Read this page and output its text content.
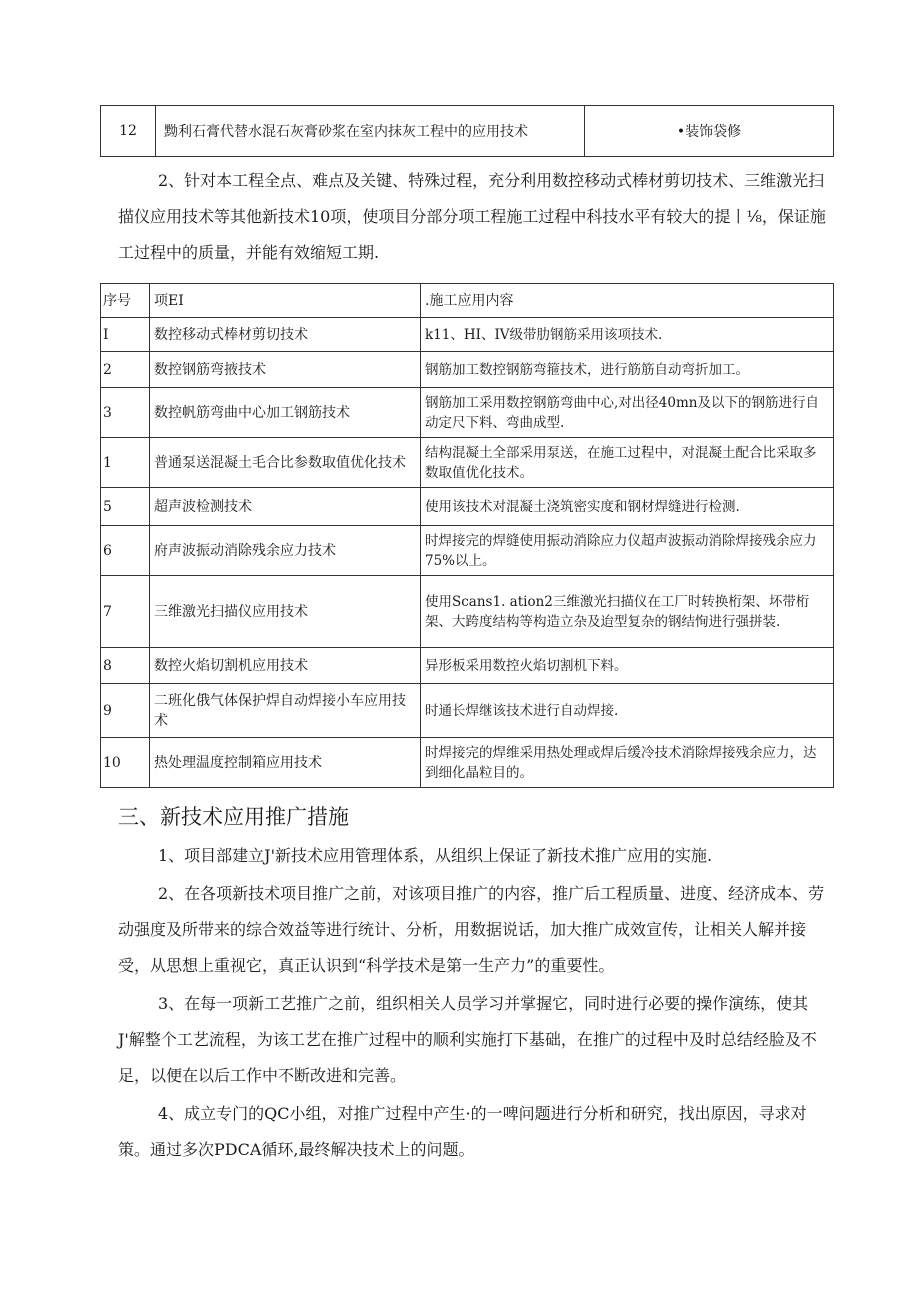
12	黝利石膏代替水混石灰膏砂浆在室内抹灰工程中的应用技术	•装饰袋修

2、针对本工程全点、难点及关键、特殊过程，充分利用数控移动式棒材剪切技术、三维激光扫描仪应用技术等其他新技术10项，使项目分部分项工程施工过程中科技水平有较大的提丨⅛，保证施工过程中的质量，并能有效缩短工期.

序号	项EI	.施工应用内容
I	数控移动式棒材剪切技术	k11、HI、IV级带肋钢筋采用该项技术.
2	数控钢筋弯掖技术	钢筋加工数控钢筋弯箍技术，进行筋筋自动弯折加工。
3	数控帆筋弯曲中心加工钢筋技术	钢筋加工采用数控钢筋弯曲中心,对出径40mn及以下的钢筋进行自动定尺下料、弯曲成型.
1	普通泵送混凝土毛合比参数取值优化技术	结构混凝土全部采用泵送，在施工过程中，对混凝土配合比采取多数取值优化技术。
5	超声波检测技术	使用该技术对混凝土浇筑密实度和钢材焊缝进行检测.
6	府声波振动消除残余应力技术	时焊接完的焊缝使用振动消除应力仪超声波振动消除焊接残余应力75%以上。
7	三维激光扫描仪应用技术	使用Scans1. ation2三维激光扫描仪在工厂时转换桁架、坏带桁架、大跨度结构等构造立杂及迨型复杂的钢结恂进行强拼装.
8	数控火焰切割机应用技术	异形板采用数控火焰切割机下料。
9	二班化俄气体保护焊自动焊接小车应用技术	时通长焊继该技术进行自动焊接.
10	热处理温度控制箱应用技术	时焊接完的焊维采用热处理或焊后缓冷技术消除焊接残余应力，达到细化晶粒目的。
三、新技术应用推广措施

1、项目部建立J'新技术应用管理体系，从组织上保证了新技术推广应用的实施.

2、在各项新技术项目推广之前，对该项目推广的内容，推广后工程质量、进度、经济成本、劳动强度及所带来的综合效益等进行统计、分析，用数据说话，加大推广成效宣传，让相关人解并接受，从思想上重视它，真正认识到“科学技术是第一生产力”的重要性。

3、在每一项新工艺推广之前，组织相关人员学习并掌握它，同时进行必要的操作演练，使其J'解整个工艺流程，为该工艺在推广过程中的顺利实施打下基础，在推广的过程中及时总结经脸及不足，以便在以后工作中不断改进和完善。

4、成立专门的QC小组，对推广过程中产生·的一啤问题进行分析和研究，找出原因，寻求对策。通过多次PDCA循环,最终解决技术上的问题。
